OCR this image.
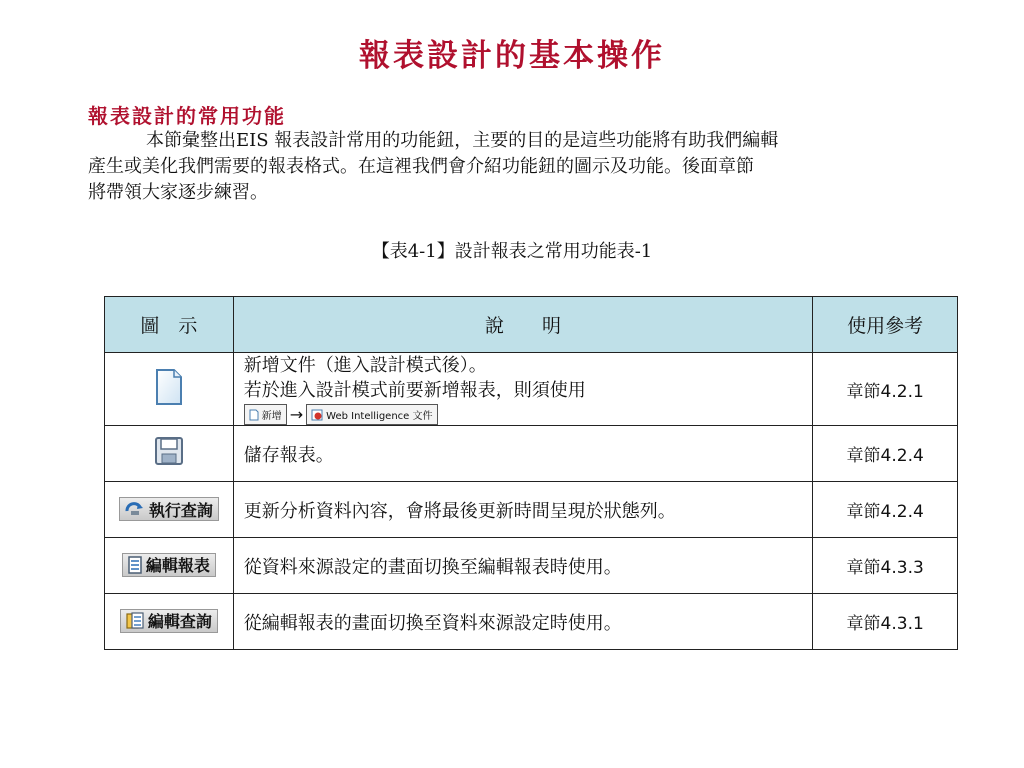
報表設計的基本操作
報表設計的常用功能
本節彙整出EIS 報表設計常用的功能鈕，主要的目的是這些功能將有助我們編輯
產生或美化我們需要的報表格式。在這裡我們會介紹功能鈕的圖示及功能。後面章節
將帶領大家逐步練習。
【表4-1】設計報表之常用功能表-1
圖　示	說　　明	使用參考

新增文件（進入設計模式後）。
若於進入設計模式前要新增報表，則須使用
新增 → Web Intelligence 文件	章節4.2.1
	儲存報表。	章節4.2.4

執行查詢	更新分析資料內容，會將最後更新時間呈現於狀態列。	章節4.2.4

編輯報表	從資料來源設定的畫面切換至編輯報表時使用。	章節4.3.3

編輯查詢	從編輯報表的畫面切換至資料來源設定時使用。	章節4.3.1
